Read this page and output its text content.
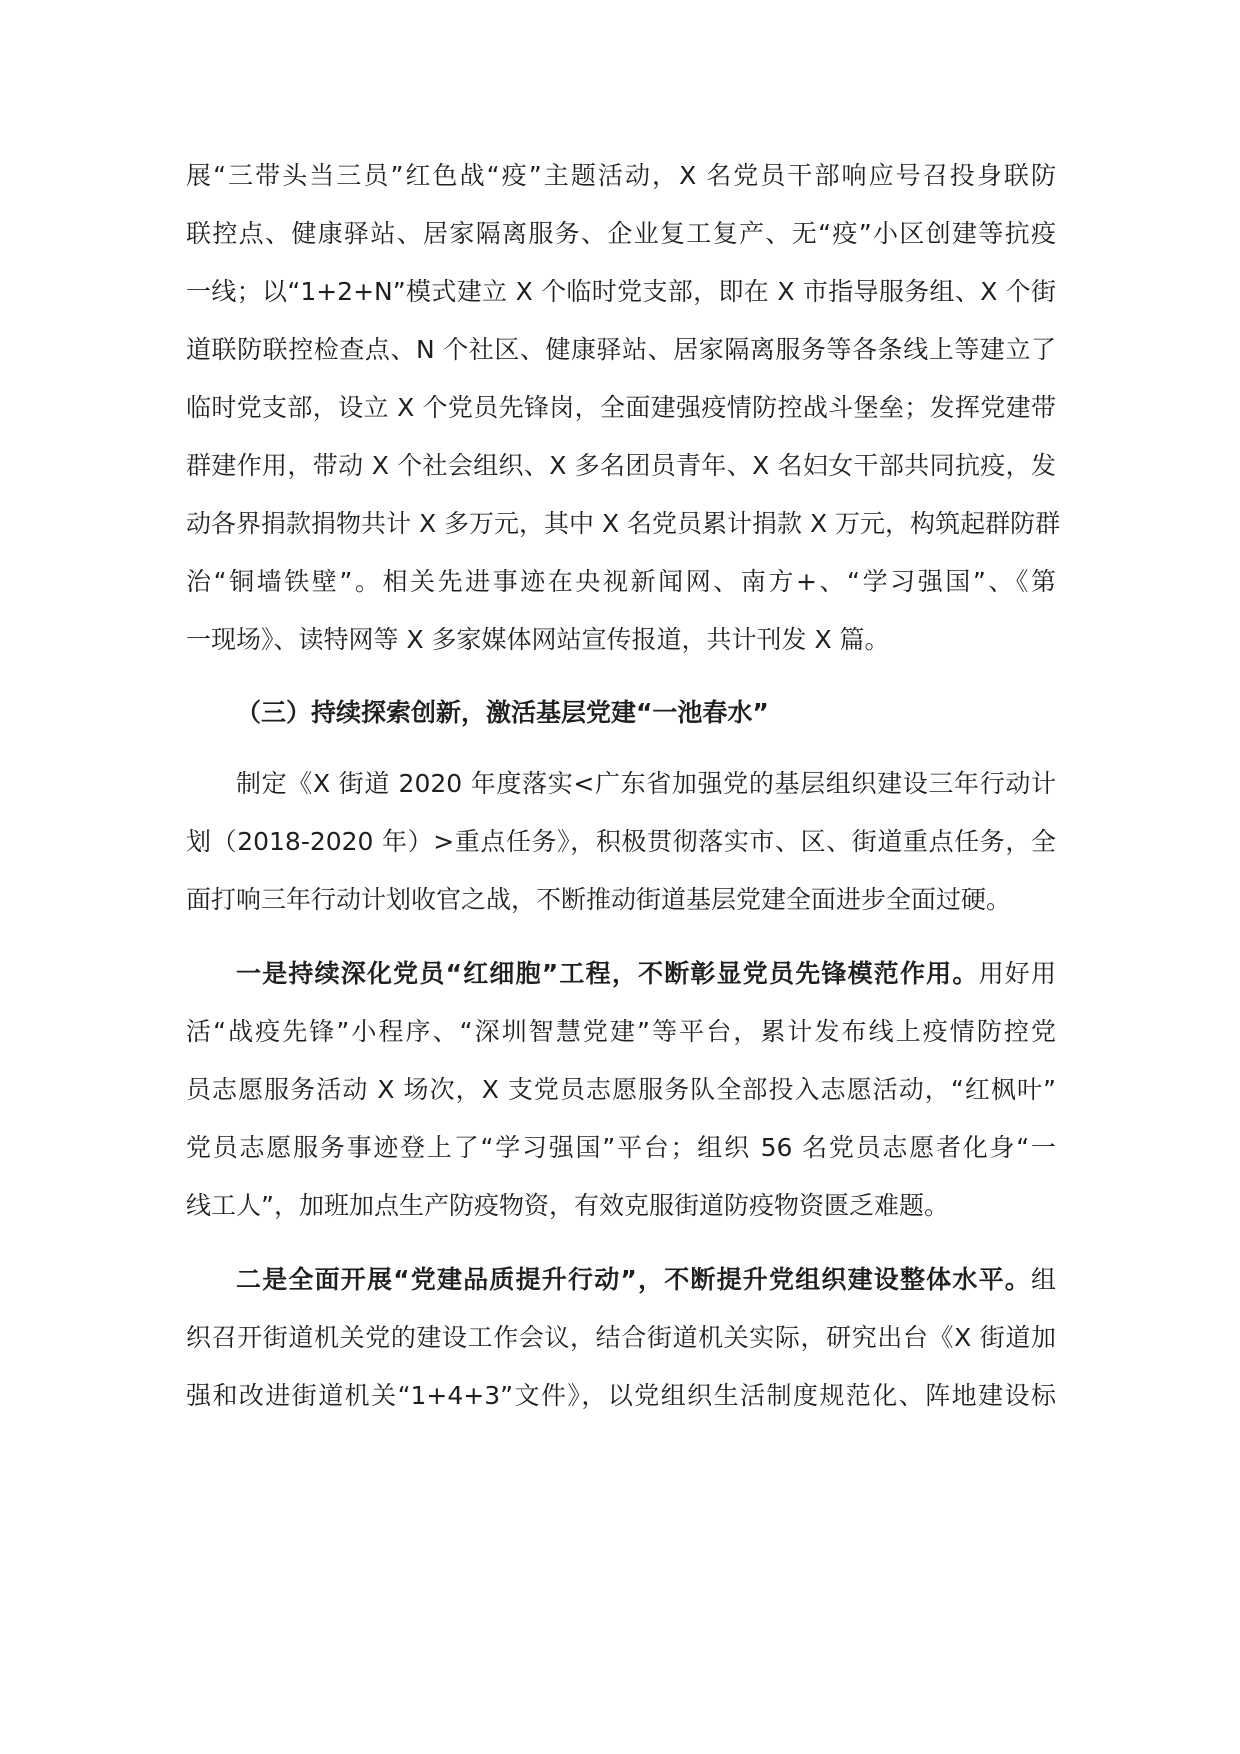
展“三带头当三员”红色战“疫”主题活动，X 名党员干部响应号召投身联防
联控点、健康驿站、居家隔离服务、企业复工复产、无“疫”小区创建等抗疫
一线；以“1+2+N”模式建立 X 个临时党支部，即在 X 市指导服务组、X 个街
道联防联控检查点、N 个社区、健康驿站、居家隔离服务等各条线上等建立了
临时党支部，设立 X 个党员先锋岗，全面建强疫情防控战斗堡垒；发挥党建带
群建作用，带动 X 个社会组织、X 多名团员青年、X 名妇女干部共同抗疫，发
动各界捐款捐物共计 X 多万元，其中 X 名党员累计捐款 X 万元，构筑起群防群
治“铜墙铁壁”。相关先进事迹在央视新闻网、南方+、“学习强国”、《第
一现场》、读特网等 X 多家媒体网站宣传报道，共计刊发 X 篇。
（三）持续探索创新，激活基层党建“一池春水”
制定《X 街道 2020 年度落实<广东省加强党的基层组织建设三年行动计
划（2018-2020 年）>重点任务》，积极贯彻落实市、区、街道重点任务，全
面打响三年行动计划收官之战，不断推动街道基层党建全面进步全面过硬。
一是持续深化党员“红细胞”工程，不断彰显党员先锋模范作用。用好用
活“战疫先锋”小程序、“深圳智慧党建”等平台，累计发布线上疫情防控党
员志愿服务活动 X 场次，X 支党员志愿服务队全部投入志愿活动，“红枫叶”
党员志愿服务事迹登上了“学习强国”平台；组织 56 名党员志愿者化身“一
线工人”，加班加点生产防疫物资，有效克服街道防疫物资匮乏难题。
二是全面开展“党建品质提升行动”，不断提升党组织建设整体水平。组
织召开街道机关党的建设工作会议，结合街道机关实际，研究出台《X 街道加
强和改进街道机关“1+4+3”文件》，以党组织生活制度规范化、阵地建设标
